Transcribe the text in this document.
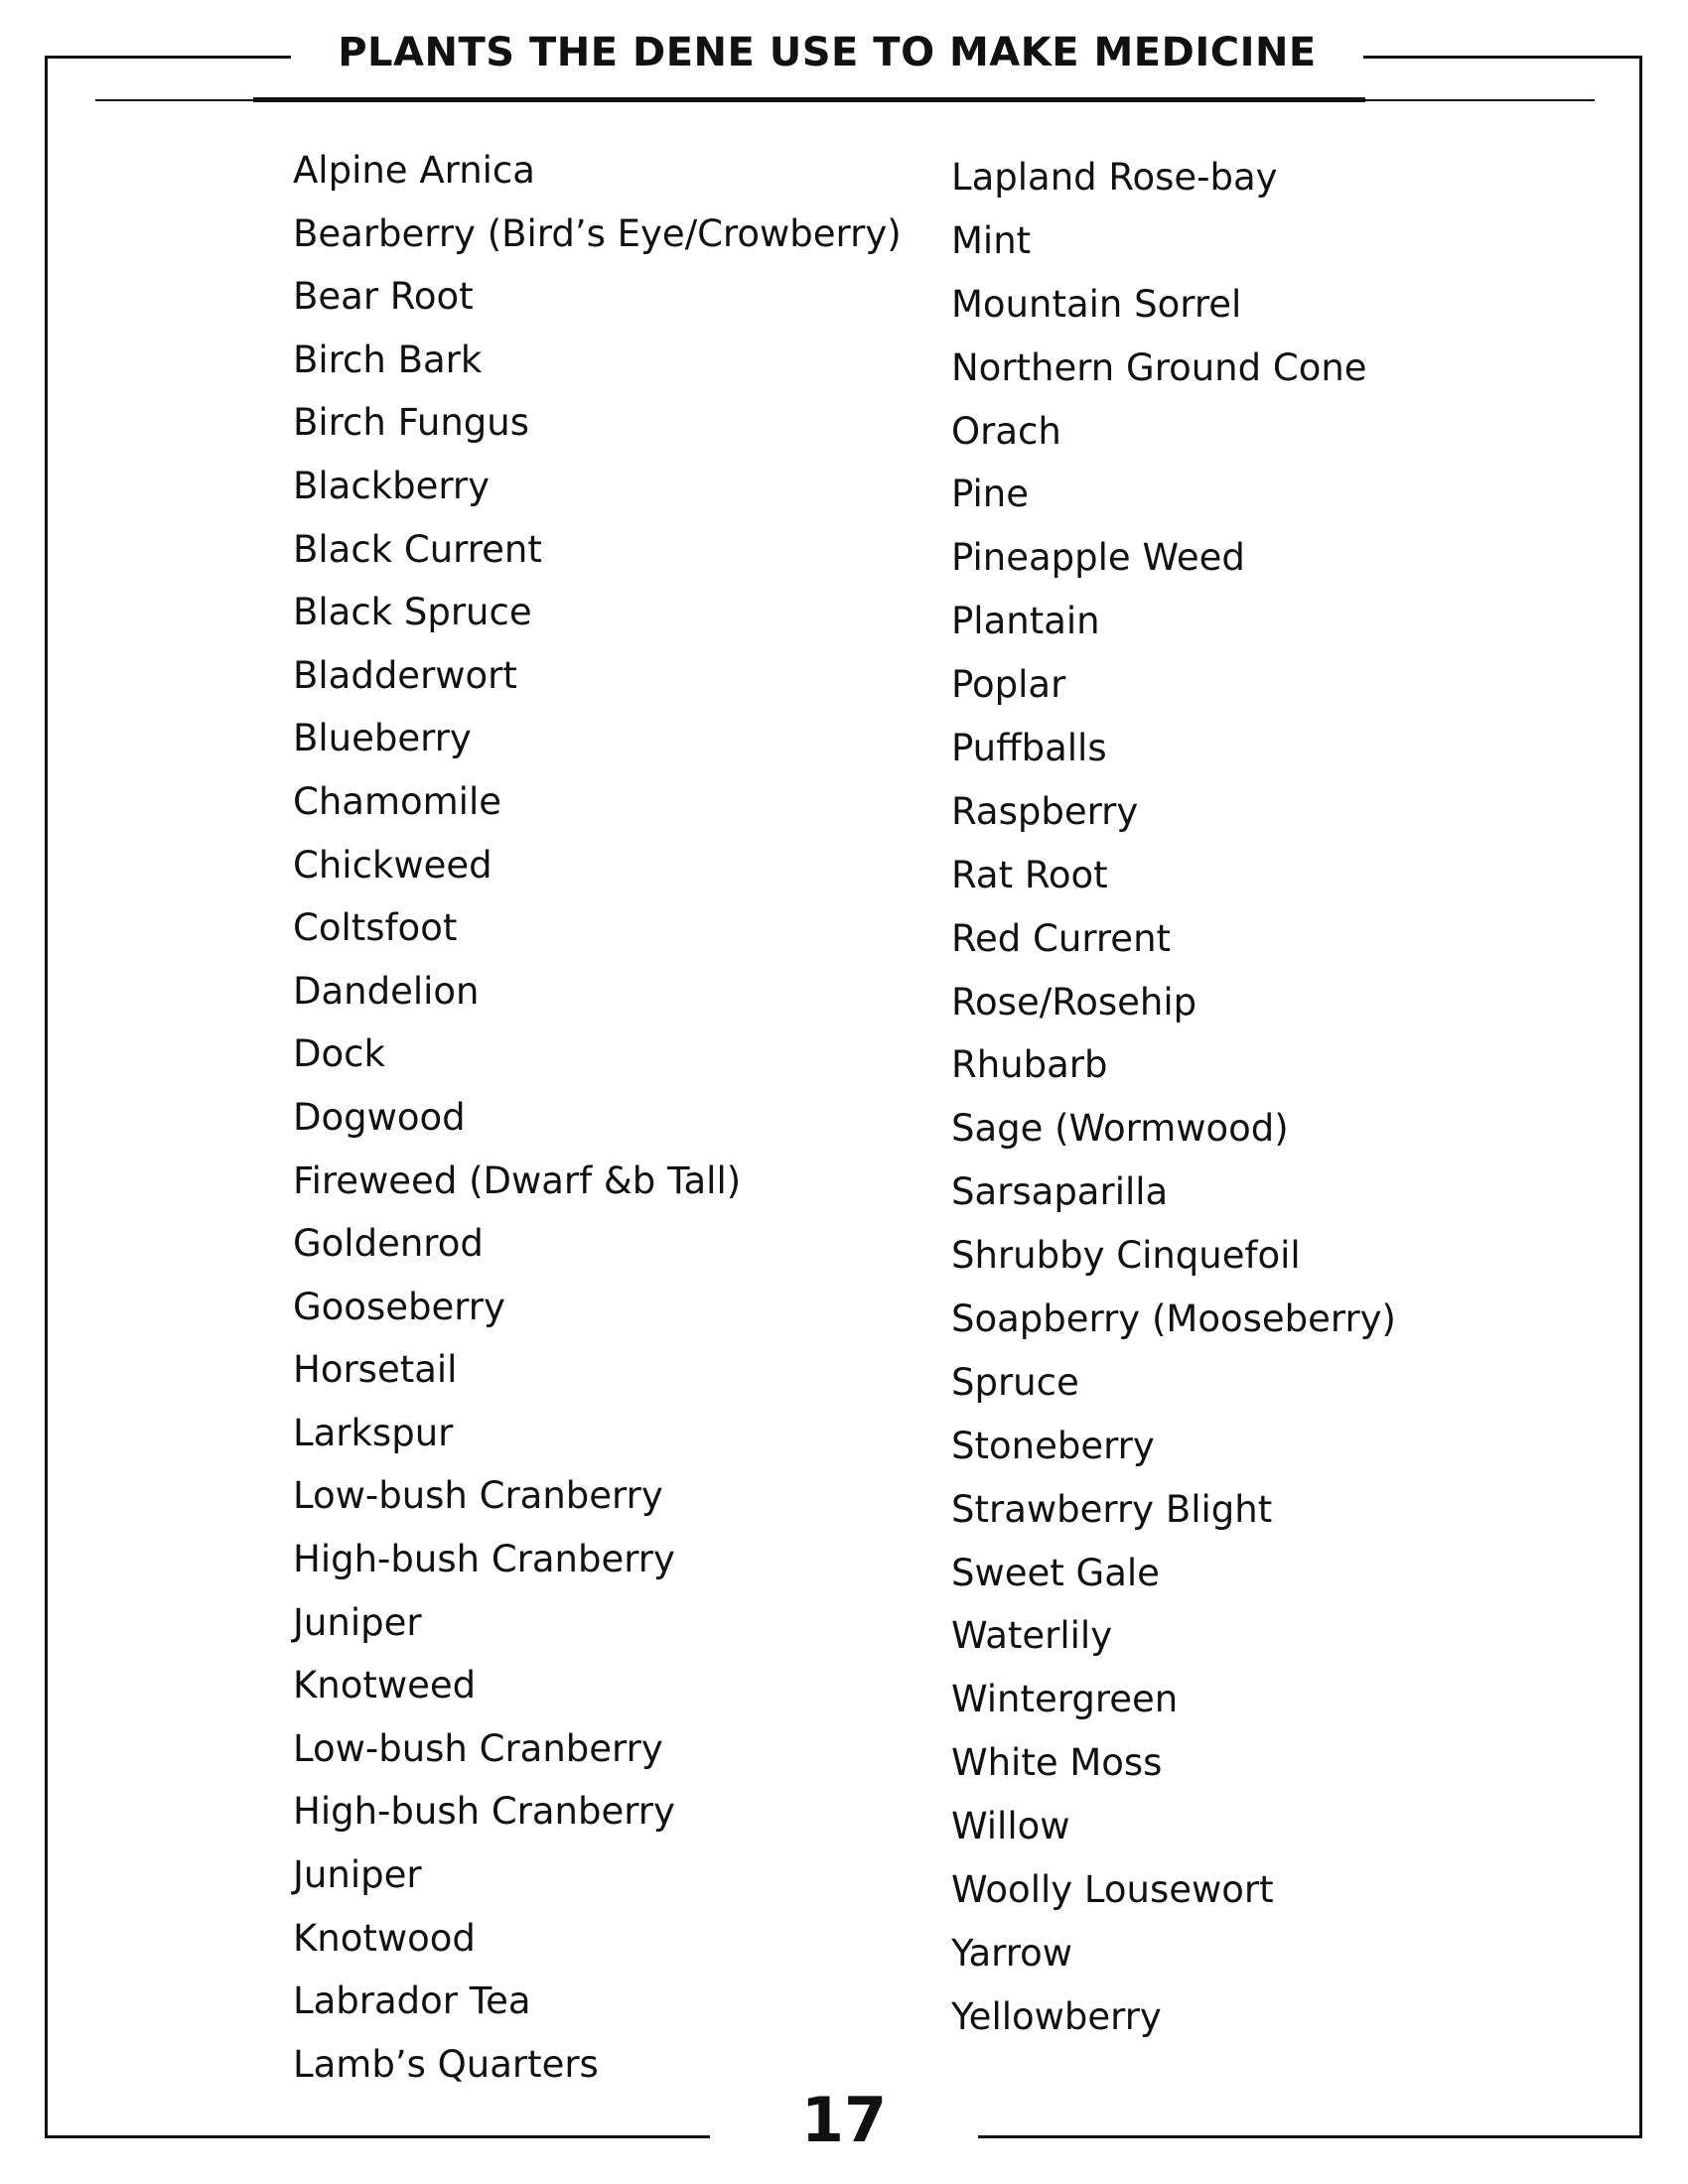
PLANTS THE DENE USE TO MAKE MEDICINE
Alpine Arnica
Bearberry (Bird’s Eye/Crowberry)
Bear Root
Birch Bark
Birch Fungus
Blackberry
Black Current
Black Spruce
Bladderwort
Blueberry
Chamomile
Chickweed
Coltsfoot
Dandelion
Dock
Dogwood
Fireweed (Dwarf &b Tall)
Goldenrod
Gooseberry
Horsetail
Larkspur
Low-bush Cranberry
High-bush Cranberry
Juniper
Knotweed
Low-bush Cranberry
High-bush Cranberry
Juniper
Knotwood
Labrador Tea
Lamb’s Quarters
Lapland Rose-bay
Mint
Mountain Sorrel
Northern Ground Cone
Orach
Pine
Pineapple Weed
Plantain
Poplar
Puffballs
Raspberry
Rat Root
Red Current
Rose/Rosehip
Rhubarb
Sage (Wormwood)
Sarsaparilla
Shrubby Cinquefoil
Soapberry (Mooseberry)
Spruce
Stoneberry
Strawberry Blight
Sweet Gale
Waterlily
Wintergreen
White Moss
Willow
Woolly Lousewort
Yarrow
Yellowberry
17
